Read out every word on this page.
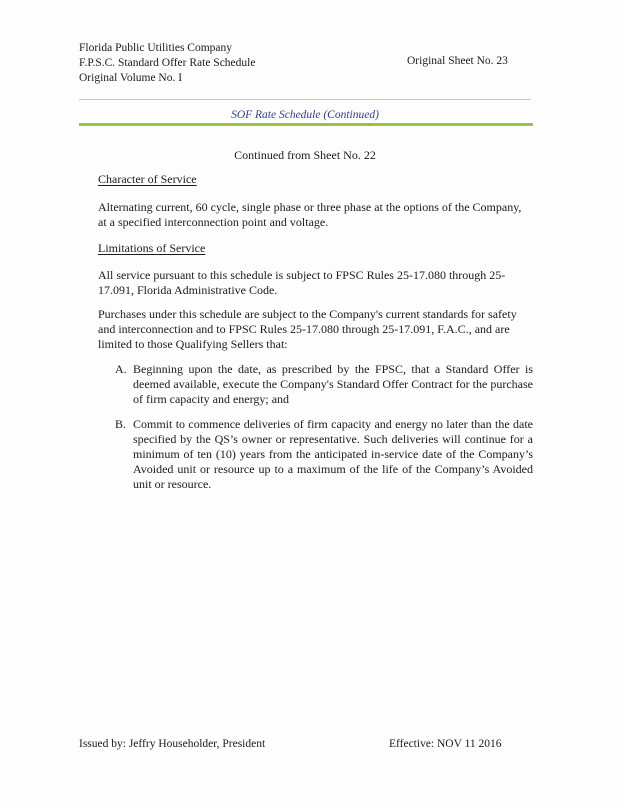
Florida Public Utilities Company
F.P.S.C. Standard Offer Rate Schedule
Original Volume No. I
Original Sheet No. 23
SOF Rate Schedule (Continued)
Continued from Sheet No. 22
Character of Service
Alternating current, 60 cycle, single phase or three phase at the options of the Company, at a specified interconnection point and voltage.
Limitations of Service
All service pursuant to this schedule is subject to FPSC Rules 25-17.080 through 25-17.091, Florida Administrative Code.
Purchases under this schedule are subject to the Company's current standards for safety and interconnection and to FPSC Rules 25-17.080 through 25-17.091, F.A.C., and are limited to those Qualifying Sellers that:
A. Beginning upon the date, as prescribed by the FPSC, that a Standard Offer is deemed available, execute the Company's Standard Offer Contract for the purchase of firm capacity and energy; and
B. Commit to commence deliveries of firm capacity and energy no later than the date specified by the QS’s owner or representative. Such deliveries will continue for a minimum of ten (10) years from the anticipated in-service date of the Company’s Avoided unit or resource up to a maximum of the life of the Company’s Avoided unit or resource.
Issued by: Jeffry Householder, President	Effective: NOV 11 2016
